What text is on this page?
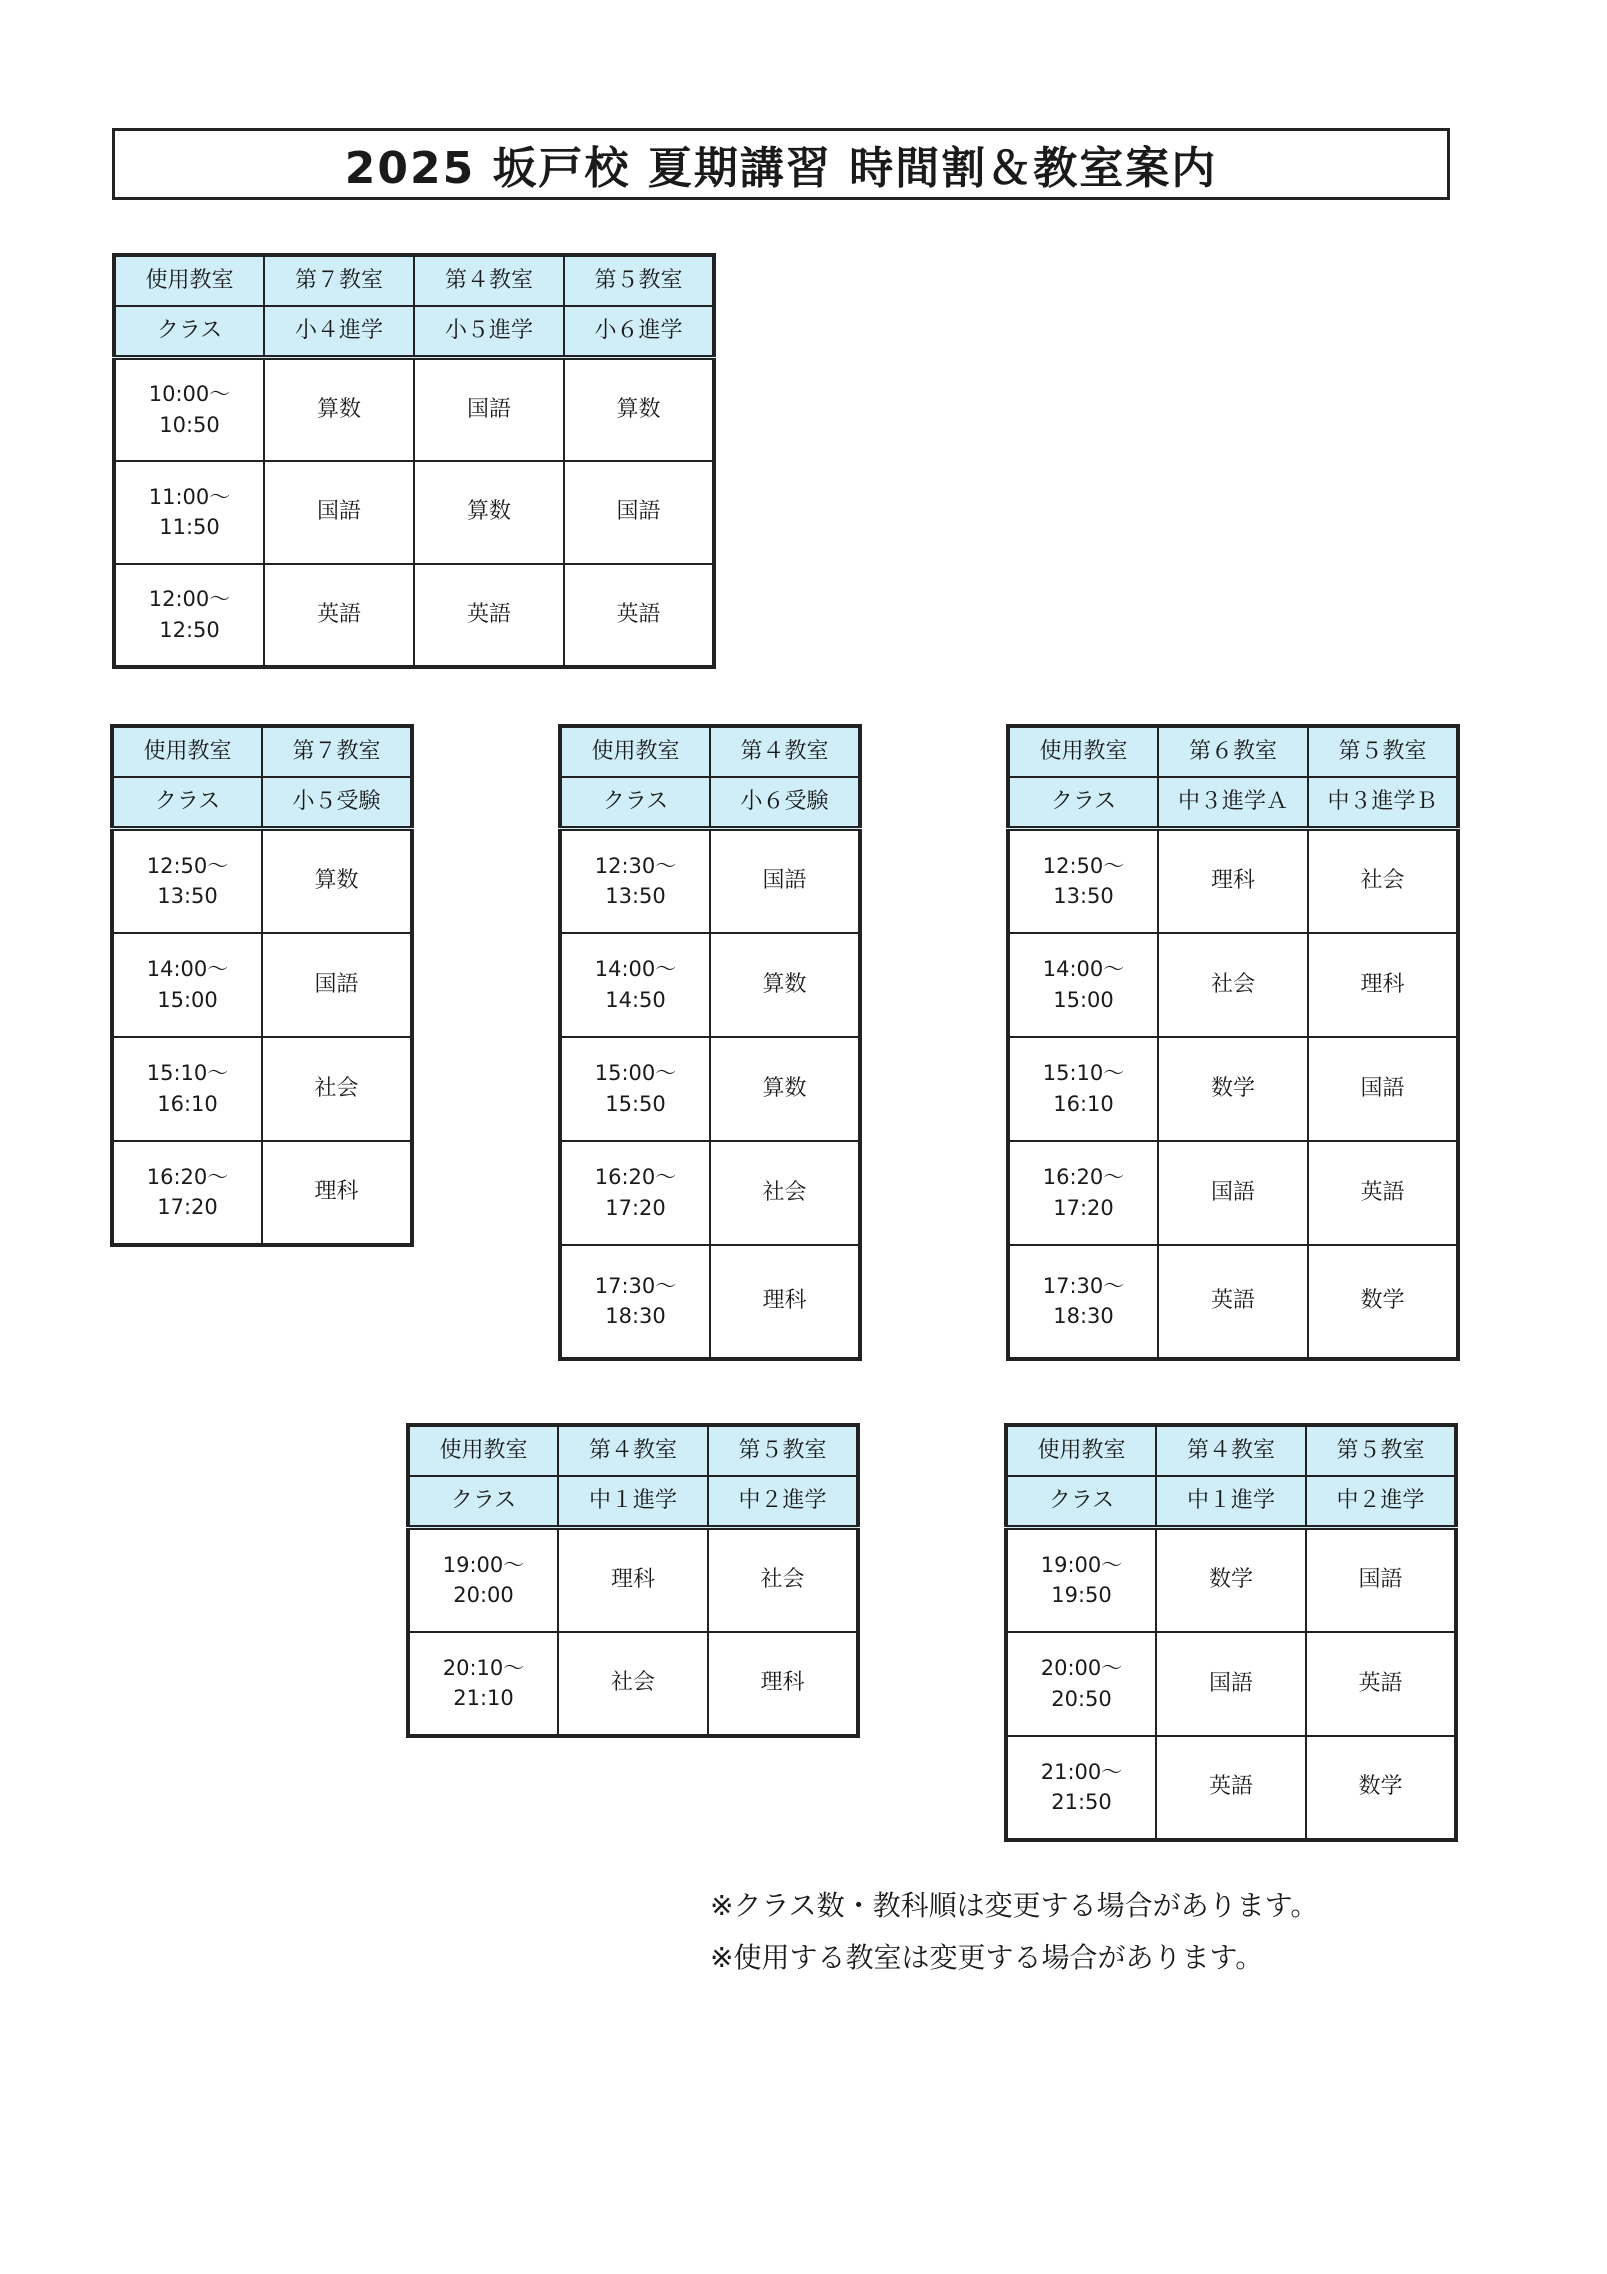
2025 坂戸校 夏期講習 時間割＆教室案内
使用教室	第７教室	第４教室	第５教室
クラス	小４進学	小５進学	小６進学
10:00～
10:50	算数	国語	算数
11:00～
11:50	国語	算数	国語
12:00～
12:50	英語	英語	英語
使用教室	第７教室
クラス	小５受験
12:50～
13:50	算数
14:00～
15:00	国語
15:10～
16:10	社会
16:20～
17:20	理科
使用教室	第４教室
クラス	小６受験
12:30～
13:50	国語
14:00～
14:50	算数
15:00～
15:50	算数
16:20～
17:20	社会
17:30～
18:30	理科
使用教室	第６教室	第５教室
クラス	中３進学Ａ	中３進学Ｂ
12:50～
13:50	理科	社会
14:00～
15:00	社会	理科
15:10～
16:10	数学	国語
16:20～
17:20	国語	英語
17:30～
18:30	英語	数学
使用教室	第４教室	第５教室
クラス	中１進学	中２進学
19:00～
20:00	理科	社会
20:10～
21:10	社会	理科
使用教室	第４教室	第５教室
クラス	中１進学	中２進学
19:00～
19:50	数学	国語
20:00～
20:50	国語	英語
21:00～
21:50	英語	数学
※クラス数・教科順は変更する場合があります。
※使用する教室は変更する場合があります。
